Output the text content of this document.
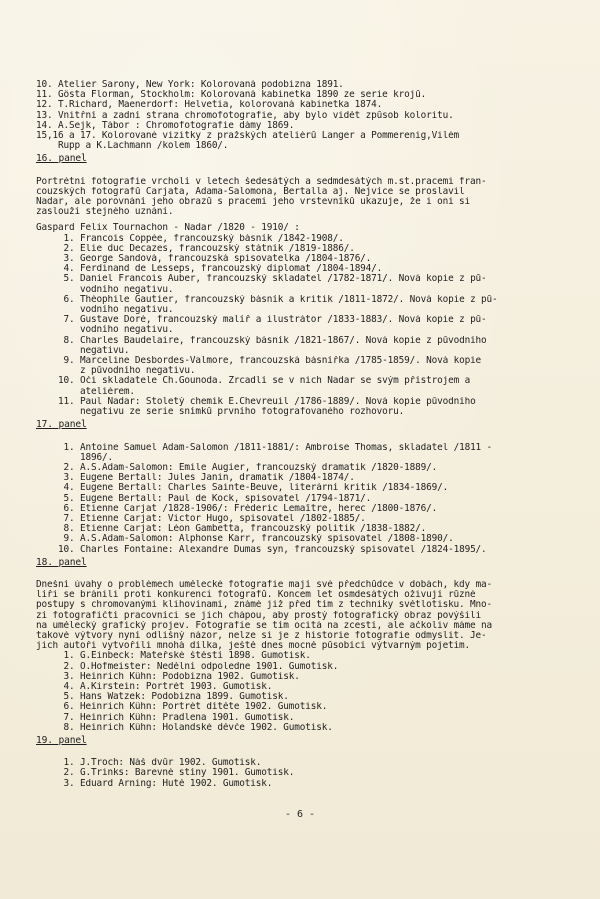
10. Atelier Sarony, New York: Kolorovaná podobizna 1891.
11. Gösta Florman, Stockholm: Kolorovaná kabinetka 1890 ze serie krojů.
12. T.Richard, Maenerdorf: Helvetia, kolorovaná kabinetka 1874.
13. Vnitřní a zadní strana chromofotografie, aby bylo vidět způsob koloritu.
14. A.Sejk, Tábor : Chromofotografie dámy 1869.
15,16 a 17. Kolorované vizitky z pražských ateliérů Langer a Pommerenig,Vilém
Rupp a K.Lachmann /kolem 1860/.
16. panel
Portrétní fotografie vrcholí v letech šedesátých a sedmdesátých m.st.pracemi fran-
couzských fotografů Carjata, Adama-Salomona, Bertalla aj. Nejvíce se proslavil
Nadar, ale porovnání jeho obrazů s pracemi jeho vrstevníků ukazuje, že i oni si
zaslouží stejného uznání.
Gaspard Felix Tournachon - Nadar /1820 - 1910/ :
1. Francois Coppée, francouzský básník /1842-1908/.
2. Elie duc Decazes, francouzský státník /1819-1886/.
3. George Sandová, francouzská spisovatelka /1804-1876/.
4. Ferdinand de Lesseps, francouzský diplomat /1804-1894/.
5. Daniel Francois Auber, francouzský skladatel /1782-1871/. Nová kopie z pů-
vodního negativu.
6. Théophile Gautier, francouzský básník a kritik /1811-1872/. Nová kopie z pů-
vodního negativu.
7. Gustave Doré, francouzský malíř a ilustrátor /1833-1883/. Nová kopie z pů-
vodního negativu.
8. Charles Baudelaire, francouzský básník /1821-1867/. Nová kopie z původního
negativu.
9. Marceline Desbordes-Valmore, francouzská básnířka /1785-1859/. Nová kopie
z původního negativu.
10. Oči skladatele Ch.Gounoda. Zrcadlí se v nich Nadar se svým přístrojem a
ateliérem.
11. Paul Nadar: Stoletý chemik E.Chevreuil /1786-1889/. Nová kopie původního
negativu ze serie snímků prvního fotografovaného rozhovoru.
17. panel
1. Antoine Samuel Adam-Salomon /1811-1881/: Ambroise Thomas, skladatel /1811 -
1896/.
2. A.S.Adam-Salomon: Emile Augier, francouzský dramatik /1820-1889/.
3. Eugene Bertall: Jules Janin, dramatik /1804-1874/.
4. Eugene Bertall: Charles Sainte-Beuve, literární kritik /1834-1869/.
5. Eugene Bertall: Paul de Kock, spisovatel /1794-1871/.
6. Etienne Carjat /1828-1906/: Fréderic Lemaître, herec /1800-1876/.
7. Etienne Carjat: Victor Hugo, spisovatel /1802-1885/.
8. Etienne Carjat: Léon Gambetta, francouzský politik /1838-1882/.
9. A.S.Adam-Salomon: Alphonse Karr, francouzský spisovatel /1808-1890/.
10. Charles Fontaine: Alexandre Dumas syn, francouzský spisovatel /1824-1895/.
18. panel
Dnešní úvahy o problémech umělecké fotografie mají své předchůdce v dobách, kdy ma-
líři se bránili proti konkurenci fotografů. Koncem let osmdesátých oživují různé
postupy s chromovanými klihovinami, známé již před tím z techniky světlotisku. Mno-
zí fotografičtí pracovníci se jich chápou, aby prostý fotografický obraz povýšili
na umělecký grafický projev. Fotografie se tím ocitá na zcestí, ale ačkoliv máme na
takové výtvory nyní odlišný názor, nelze si je z historie fotografie odmyslit. Je-
jich autoři vytvořili mnohá dílka, ještě dnes mocně působící výtvarným pojetím.
1. G.Einbeck: Mateřské štěstí 1898. Gumotisk.
2. O.Hofmeister: Nedělní odpoledne 1901. Gumotisk.
3. Heinrich Kühn: Podobizna 1902. Gumotisk.
4. A.Kirstein: Portrét 1903. Gumotisk.
5. Hans Watzek: Podobizna 1899. Gumotisk.
6. Heinrich Kühn: Portrét dítěte 1902. Gumotisk.
7. Heinrich Kühn: Pradlena 1901. Gumotisk.
8. Heinrich Kühn: Holandské děvče 1902. Gumotisk.
19. panel
1. J.Troch: Náš dvůr 1902. Gumotisk.
2. G.Trinks: Barevné stíny 1901. Gumotisk.
3. Eduard Arning: Hutě 1902. Gumotisk.
- 6 -
